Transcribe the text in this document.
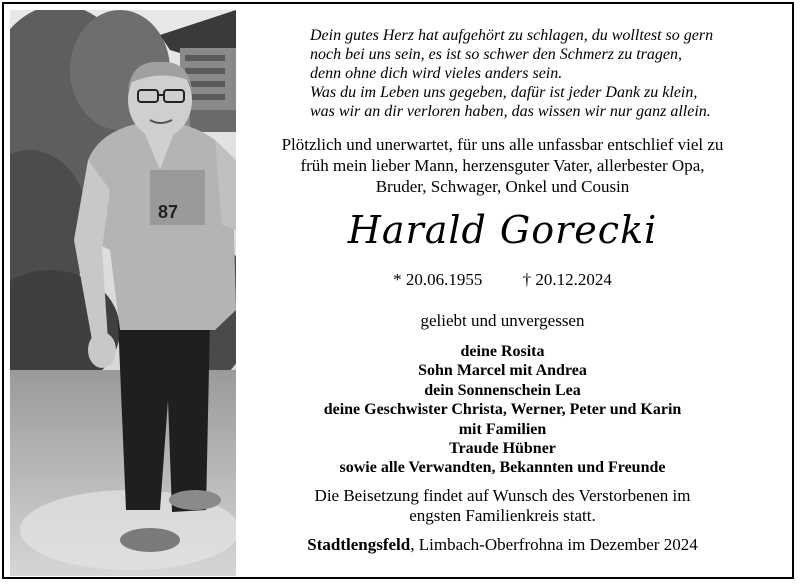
87
Dein gutes Herz hat aufgehört zu schlagen, du wolltest so gern
noch bei uns sein, es ist so schwer den Schmerz zu tragen,
denn ohne dich wird vieles anders sein.
Was du im Leben uns gegeben, dafür ist jeder Dank zu klein,
was wir an dir verloren haben, das wissen wir nur ganz allein.
Plötzlich und unerwartet, für uns alle unfassbar entschlief viel zu
früh mein lieber Mann, herzensguter Vater, allerbester Opa,
Bruder, Schwager, Onkel und Cousin
Harald Gorecki
* 20.06.1955 † 20.12.2024
geliebt und unvergessen
deine Rosita
Sohn Marcel mit Andrea
dein Sonnenschein Lea
deine Geschwister Christa, Werner, Peter und Karin
mit Familien
Traude Hübner
sowie alle Verwandten, Bekannten und Freunde
Die Beisetzung findet auf Wunsch des Verstorbenen im
engsten Familienkreis statt.
Stadtlengsfeld, Limbach-Oberfrohna im Dezember 2024
